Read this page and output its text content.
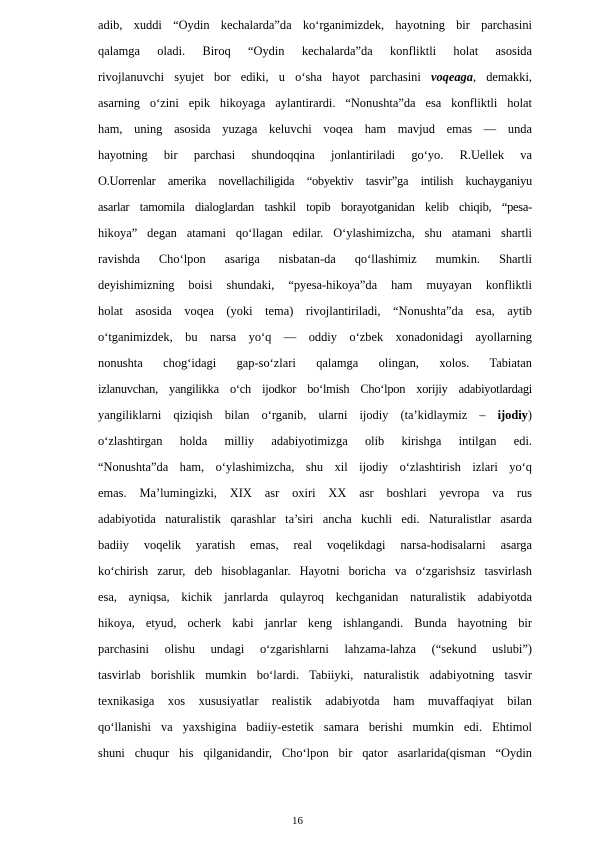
adib, xuddi “Oydin kechalarda”da ko‘rganimizdek, hayotning bir parchasini
qalamga oladi. Biroq “Oydin kechalarda”da konfliktli holat asosida
rivojlanuvchi syujet bor ediki, u o‘sha hayot parchasini voqeaga, demakki,
asarning o‘zini epik hikoyaga aylantirardi. “Nonushta”da esa konfliktli holat
ham, uning asosida yuzaga keluvchi voqea ham mavjud emas — unda
hayotning bir parchasi shundoqqina jonlantiriladi go‘yo. R.Uellek va
O.Uorrenlar amerika novellachiligida “obyektiv tasvir”ga intilish kuchayganiyu
asarlar tamomila dialoglardan tashkil topib borayotganidan kelib chiqib, “pesa-
hikoya” degan atamani qo‘llagan edilar. O‘ylashimizcha, shu atamani shartli
ravishda Cho‘lpon asariga nisbatan-da qo‘llashimiz mumkin. Shartli
deyishimizning boisi shundaki, “pyesa-hikoya”da ham muyayan konfliktli
holat asosida voqea (yoki tema) rivojlantiriladi, “Nonushta”da esa, aytib
o‘tganimizdek, bu narsa yo‘q — oddiy o‘zbek xonadonidagi ayollarning
nonushta chog‘idagi gap-so‘zlari qalamga olingan, xolos. Tabiatan
izlanuvchan, yangilikka o‘ch ijodkor bo‘lmish Cho‘lpon xorijiy adabiyotlardagi
yangiliklarni qiziqish bilan o‘rganib, ularni ijodiy (ta’kidlaymiz – ijodiy)
o‘zlashtirgan holda milliy adabiyotimizga olib kirishga intilgan edi.
“Nonushta”da ham, o‘ylashimizcha, shu xil ijodiy o‘zlashtirish izlari yo‘q
emas. Ma’lumingizki, XIX asr oxiri XX asr boshlari yevropa va rus
adabiyotida naturalistik qarashlar ta’siri ancha kuchli edi. Naturalistlar asarda
badiiy voqelik yaratish emas, real voqelikdagi narsa-hodisalarni asarga
ko‘chirish zarur, deb hisoblaganlar. Hayotni boricha va o‘zgarishsiz tasvirlash
esa, ayniqsa, kichik janrlarda qulayroq kechganidan naturalistik adabiyotda
hikoya, etyud, ocherk kabi janrlar keng ishlangandi. Bunda hayotning bir
parchasini olishu undagi o‘zgarishlarni lahzama-lahza (“sekund uslubi”)
tasvirlab borishlik mumkin bo‘lardi. Tabiiyki, naturalistik adabiyotning tasvir
texnikasiga xos xususiyatlar realistik adabiyotda ham muvaffaqiyat bilan
qo‘llanishi va yaxshigina badiiy-estetik samara berishi mumkin edi. Ehtimol
shuni chuqur his qilganidandir, Cho‘lpon bir qator asarlarida(qisman “Oydin
16
